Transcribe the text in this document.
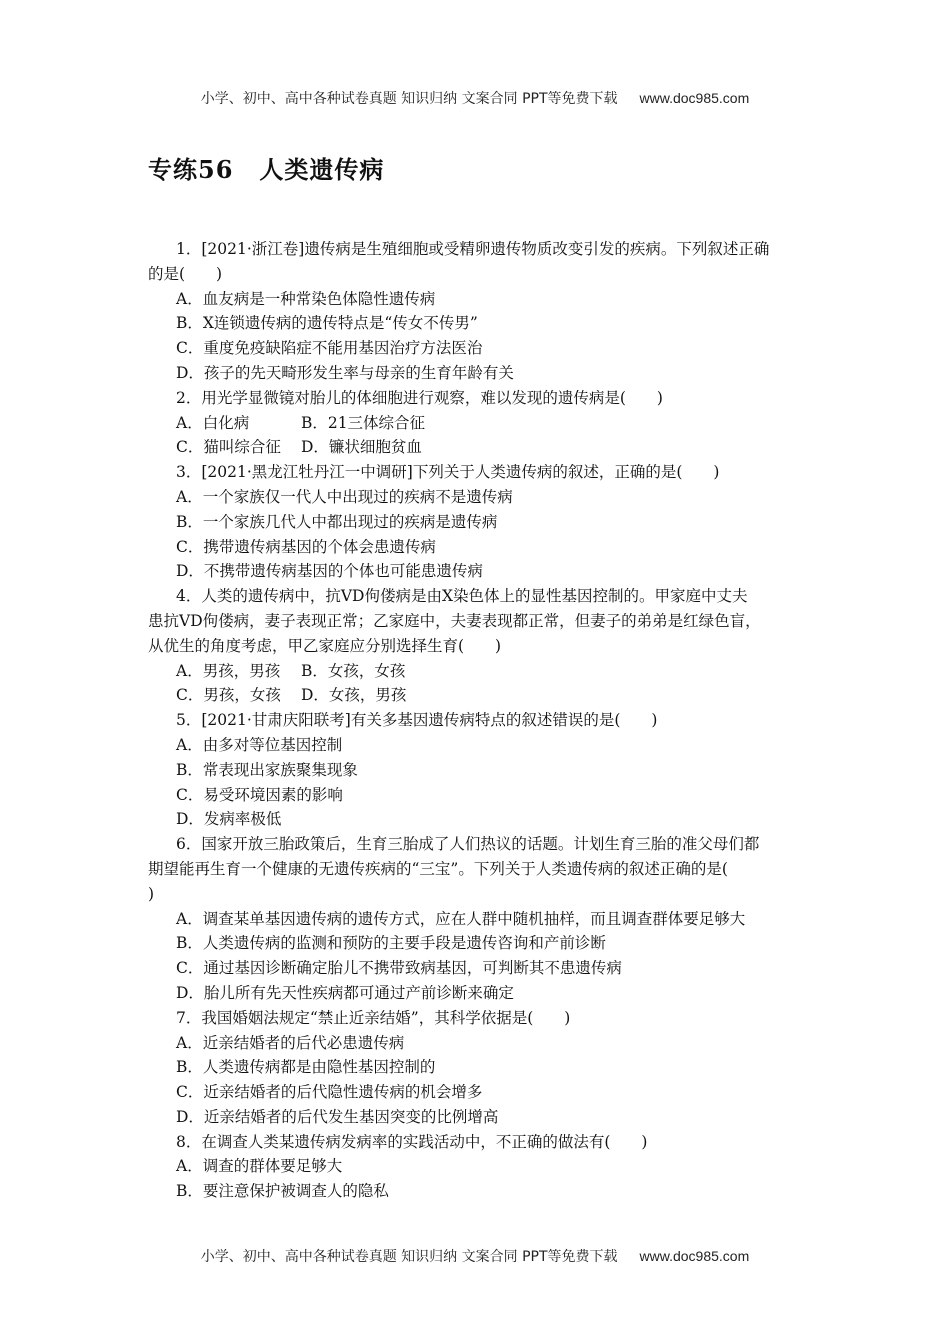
小学、初中、高中各种试卷真题 知识归纳 文案合同 PPT等免费下载 www.doc985.com
专练56 人类遗传病
1．[2021·浙江卷]遗传病是生殖细胞或受精卵遗传物质改变引发的疾病。下列叙述正确
的是(　　)
A．血友病是一种常染色体隐性遗传病
B．X连锁遗传病的遗传特点是“传女不传男”
C．重度免疫缺陷症不能用基因治疗方法医治
D．孩子的先天畸形发生率与母亲的生育年龄有关
2．用光学显微镜对胎儿的体细胞进行观察，难以发现的遗传病是(　　)
A．白化病	B．21三体综合征
C．猫叫综合征 D．镰状细胞贫血
3．[2021·黑龙江牡丹江一中调研]下列关于人类遗传病的叙述，正确的是(　　)
A．一个家族仅一代人中出现过的疾病不是遗传病
B．一个家族几代人中都出现过的疾病是遗传病
C．携带遗传病基因的个体会患遗传病
D．不携带遗传病基因的个体也可能患遗传病
4．人类的遗传病中，抗VD佝偻病是由X染色体上的显性基因控制的。甲家庭中丈夫
患抗VD佝偻病，妻子表现正常；乙家庭中，夫妻表现都正常，但妻子的弟弟是红绿色盲，
从优生的角度考虑，甲乙家庭应分别选择生育(　　)
A．男孩，男孩 B．女孩，女孩
C．男孩，女孩 D．女孩，男孩
5．[2021·甘肃庆阳联考]有关多基因遗传病特点的叙述错误的是(　　)
A．由多对等位基因控制
B．常表现出家族聚集现象
C．易受环境因素的影响
D．发病率极低
6．国家开放三胎政策后，生育三胎成了人们热议的话题。计划生育三胎的准父母们都
期望能再生育一个健康的无遗传疾病的“三宝”。下列关于人类遗传病的叙述正确的是(
)
A．调查某单基因遗传病的遗传方式，应在人群中随机抽样，而且调查群体要足够大
B．人类遗传病的监测和预防的主要手段是遗传咨询和产前诊断
C．通过基因诊断确定胎儿不携带致病基因，可判断其不患遗传病
D．胎儿所有先天性疾病都可通过产前诊断来确定
7．我国婚姻法规定“禁止近亲结婚”，其科学依据是(　　)
A．近亲结婚者的后代必患遗传病
B．人类遗传病都是由隐性基因控制的
C．近亲结婚者的后代隐性遗传病的机会增多
D．近亲结婚者的后代发生基因突变的比例增高
8．在调查人类某遗传病发病率的实践活动中，不正确的做法有(　　)
A．调查的群体要足够大
B．要注意保护被调查人的隐私
小学、初中、高中各种试卷真题 知识归纳 文案合同 PPT等免费下载 www.doc985.com
